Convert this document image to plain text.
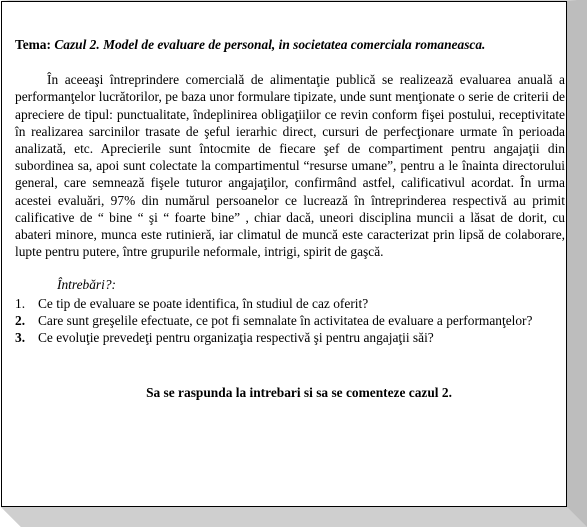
Tema: Cazul 2. Model de evaluare de personal, in societatea comerciala romaneasca.

În aceeaşi întreprindere comercială de alimentaţie publică se realizează evaluarea anuală a performanţelor lucrătorilor, pe baza unor formulare tipizate, unde sunt menţionate o serie de criterii de apreciere de tipul: punctualitate, îndeplinirea obligaţiilor ce revin conform fişei postului, receptivitate în realizarea sarcinilor trasate de şeful ierarhic direct, cursuri de perfecţionare urmate în perioada analizată, etc. Aprecierile sunt întocmite de fiecare şef de compartiment pentru angajaţii din subordinea sa, apoi sunt colectate la compartimentul “resurse umane”, pentru a le înainta directorului general, care semnează fişele tuturor angajaţilor, confirmând astfel, calificativul acordat. În urma acestei evaluări, 97% din numărul persoanelor ce lucrează în întreprinderea respectivă au primit calificative de “ bine “ şi “ foarte bine” , chiar dacă, uneori disciplina muncii a lăsat de dorit, cu abateri minore, munca este rutinieră, iar climatul de muncă este caracterizat prin lipsă de colaborare, lupte pentru putere, între grupurile neformale, intrigi, spirit de gaşcă.

Întrebări?:

1. Ce tip de evaluare se poate identifica, în studiul de caz oferit?
2. Care sunt greşelile efectuate, ce pot fi semnalate în activitatea de evaluare a performanţelor?
3. Ce evoluţie prevedeţi pentru organizaţia respectivă şi pentru angajaţii săi?

Sa se raspunda la intrebari si sa se comenteze cazul 2.
